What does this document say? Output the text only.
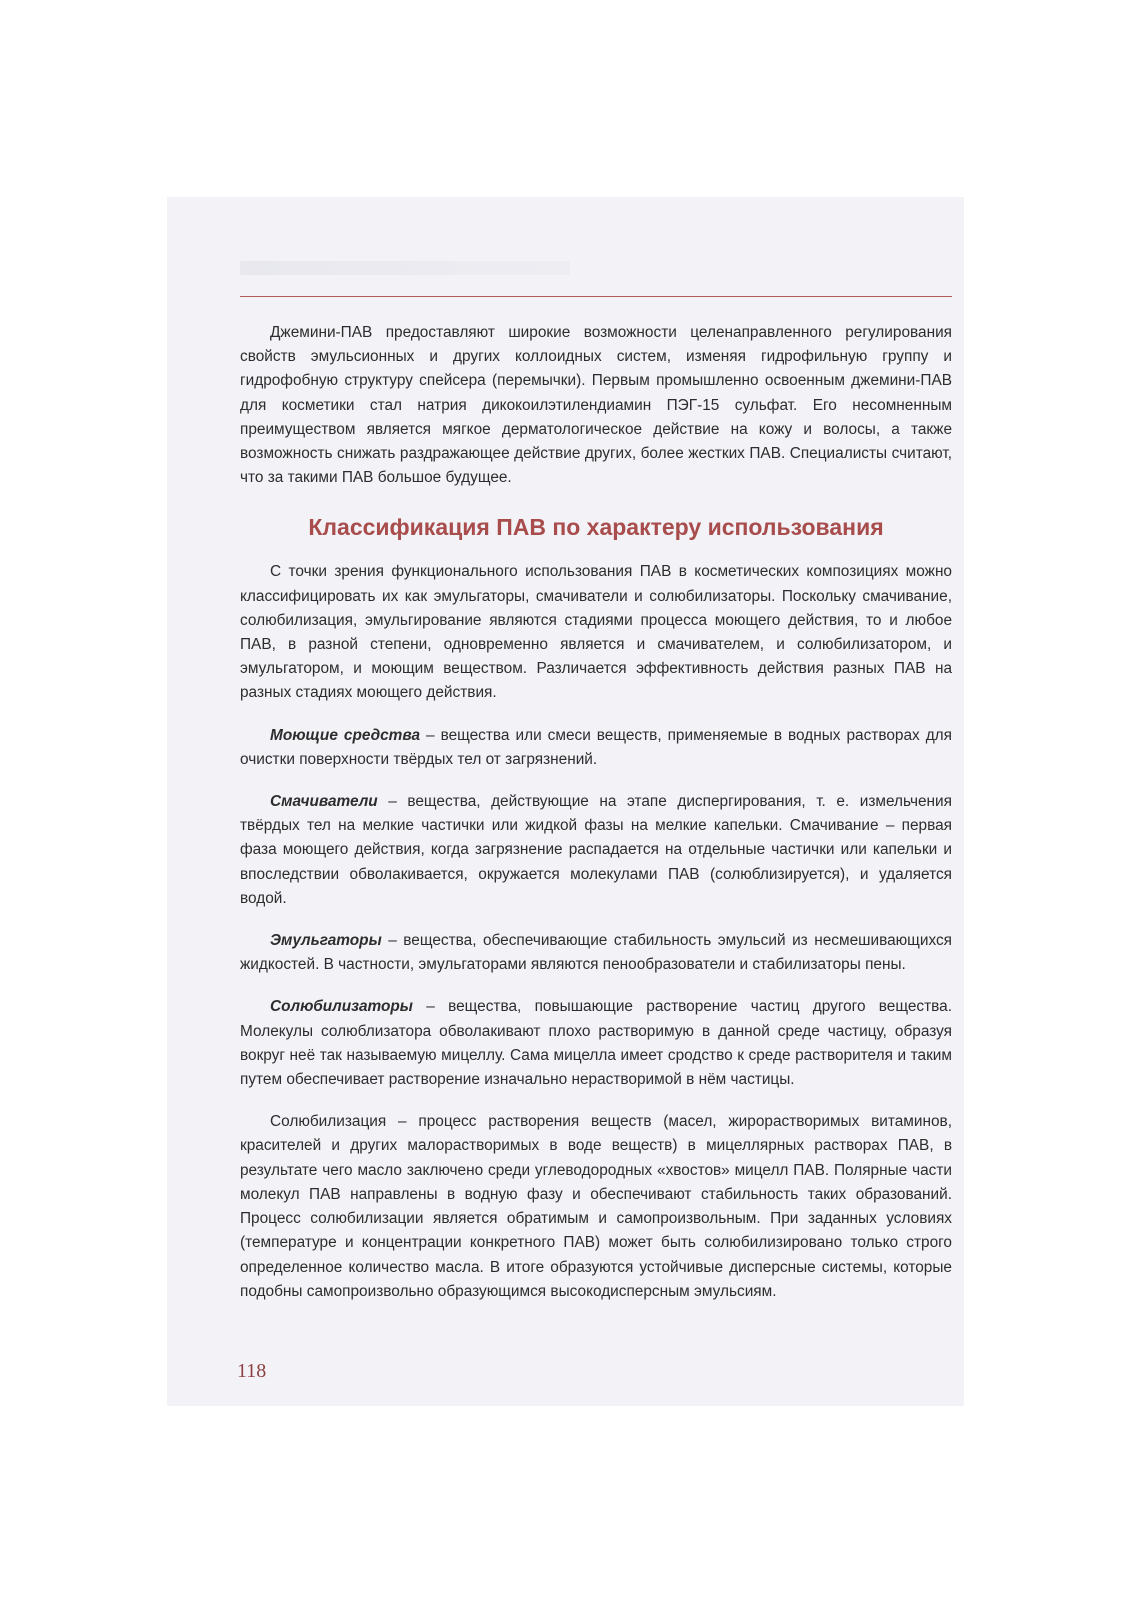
Джемини-ПАВ предоставляют широкие возможности целенаправленного регулирования свойств эмульсионных и других коллоидных систем, изменяя гидрофильную группу и гидрофобную структуру спейсера (перемычки). Первым промышленно освоенным джемини-ПАВ для косметики стал натрия дикокоилэтилендиамин ПЭГ-15 сульфат. Его несомненным преимуществом является мягкое дерматологическое действие на кожу и волосы, а также возможность снижать раздражающее действие других, более жестких ПАВ. Специалисты считают, что за такими ПАВ большое будущее.

Классификация ПАВ по характеру использования

С точки зрения функционального использования ПАВ в косметических композициях можно классифицировать их как эмульгаторы, смачиватели и солюбилизаторы. Поскольку смачивание, солюбилизация, эмульгирование являются стадиями процесса моющего действия, то и любое ПАВ, в разной степени, одновременно является и смачивателем, и солюбилизатором, и эмульгатором, и моющим веществом. Различается эффективность действия разных ПАВ на разных стадиях моющего действия.

Моющие средства – вещества или смеси веществ, применяемые в водных растворах для очистки поверхности твёрдых тел от загрязнений.

Смачиватели – вещества, действующие на этапе диспергирования, т. е. измельчения твёрдых тел на мелкие частички или жидкой фазы на мелкие капельки. Смачивание – первая фаза моющего действия, когда загрязнение распадается на отдельные частички или капельки и впоследствии обволакивается, окружается молекулами ПАВ (солюблизируется), и удаляется водой.

Эмульгаторы – вещества, обеспечивающие стабильность эмульсий из несмешивающихся жидкостей. В частности, эмульгаторами являются пенообразователи и стабилизаторы пены.

Солюбилизаторы – вещества, повышающие растворение частиц другого вещества. Молекулы солюблизатора обволакивают плохо растворимую в данной среде частицу, образуя вокруг неё так называемую мицеллу. Сама мицелла имеет сродство к среде растворителя и таким путем обеспечивает растворение изначально нерастворимой в нём частицы.

Солюбилизация – процесс растворения веществ (масел, жирорастворимых витаминов, красителей и других малорастворимых в воде веществ) в мицеллярных растворах ПАВ, в результате чего масло заключено среди углеводородных «хвостов» мицелл ПАВ. Полярные части молекул ПАВ направлены в водную фазу и обеспечивают стабильность таких образований. Процесс солюбилизации является обратимым и самопроизвольным. При заданных условиях (температуре и концентрации конкретного ПАВ) может быть солюбилизировано только строго определенное количество масла. В итоге образуются устойчивые дисперсные системы, которые подобны самопроизвольно образующимся высокодисперсным эмульсиям.

118
